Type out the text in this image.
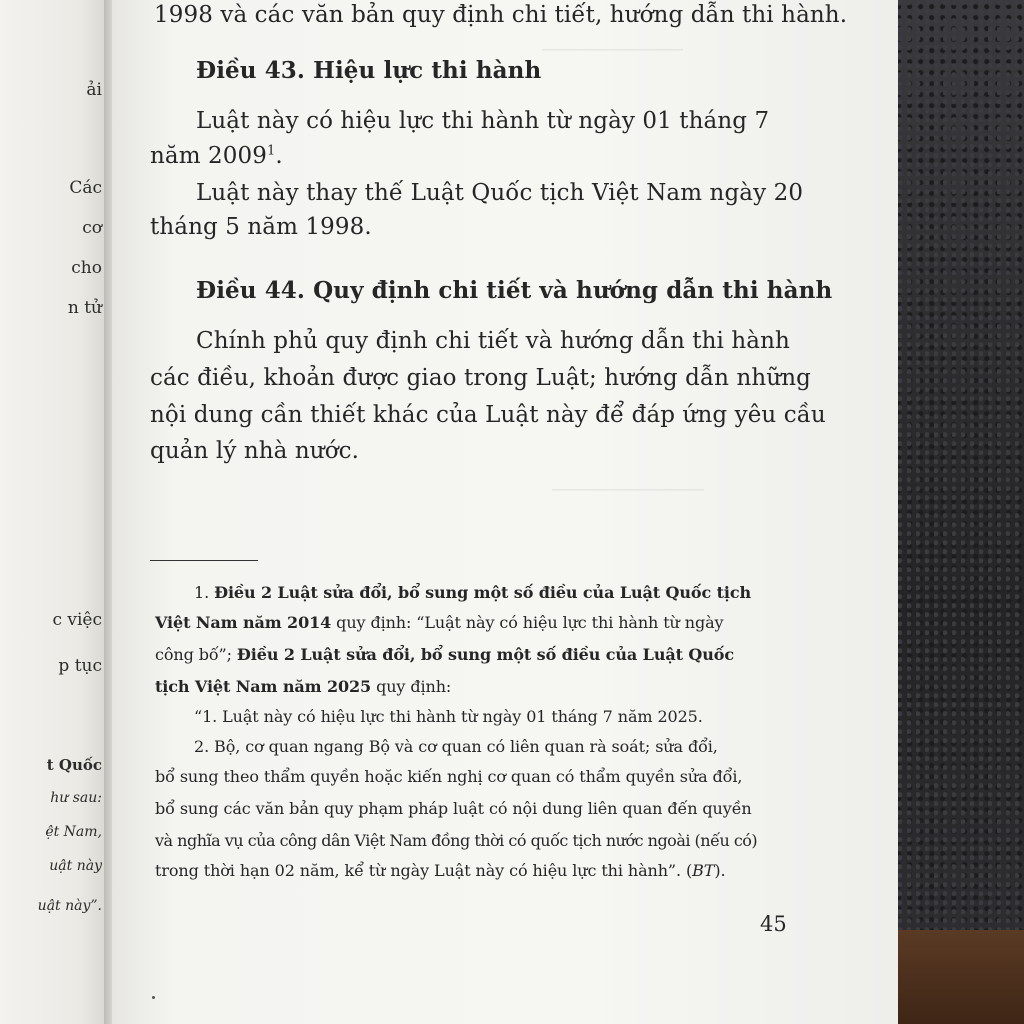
ải
Các
cơ
cho
n tử
c việc
p tục
t Quốc
hư sau:
ệt Nam,
uật này
uật này”.
─────────────
──────────────
1998 và các văn bản quy định chi tiết, hướng dẫn thi hành.
Điều 43. Hiệu lực thi hành
Luật này có hiệu lực thi hành từ ngày 01 tháng 7
năm 2009$^1$.
Luật này thay thế Luật Quốc tịch Việt Nam ngày 20
tháng 5 năm 1998.
Điều 44. Quy định chi tiết và hướng dẫn thi hành
Chính phủ quy định chi tiết và hướng dẫn thi hành
các điều, khoản được giao trong Luật; hướng dẫn những
nội dung cần thiết khác của Luật này để đáp ứng yêu cầu
quản lý nhà nước.
1. Điều 2 Luật sửa đổi, bổ sung một số điều của Luật Quốc tịch
Việt Nam năm 2014 quy định: “Luật này có hiệu lực thi hành từ ngày
công bố”; Điều 2 Luật sửa đổi, bổ sung một số điều của Luật Quốc
tịch Việt Nam năm 2025 quy định:
“1. Luật này có hiệu lực thi hành từ ngày 01 tháng 7 năm 2025.
2. Bộ, cơ quan ngang Bộ và cơ quan có liên quan rà soát; sửa đổi,
bổ sung theo thẩm quyền hoặc kiến nghị cơ quan có thẩm quyền sửa đổi,
bổ sung các văn bản quy phạm pháp luật có nội dung liên quan đến quyền
và nghĩa vụ của công dân Việt Nam đồng thời có quốc tịch nước ngoài (nếu có)
trong thời hạn 02 năm, kể từ ngày Luật này có hiệu lực thi hành”. (BT).
45
